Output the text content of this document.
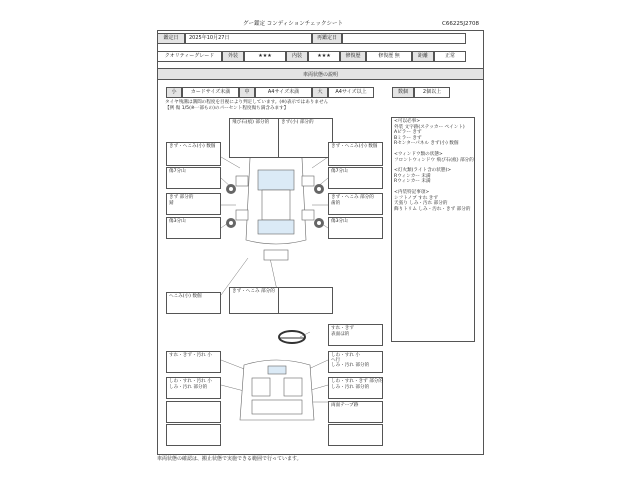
グー鑑定 コンディションチェックシート	C66225J2708
鑑定日	2025年10月27日	再鑑定日
クオリティーグレード	外装	★★★	内装	★★★	修復歴	修復歴 無	距離	正常
車両状態の説明
小	カードサイズ未満	中	A4サイズ未満	大	A4サイズ以上	数個	2個以上
タイヤ残溝は溝間の程度を目視により判定しています。(※)表示ではありません
【例 傷 1/5(※一部もの)のパーセント程度傷ち満含みます】
飛び石(痕) 部分的	きず(小) 部分的
きず・へこみ(小) 数個	きず・へこみ(小) 数個
傷7分山	傷7分山
きず 部分的
錆
きず・へこみ 部分的
歯的
傷3分山	傷3分山
へこみ(小) 数個
きず・へこみ 部分的
すれ・きず
表面ほ的
すれ・きず・汚れ 小	しわ・すれ 小
へ行
しみ・汚れ 部分的
しわ・すれ・汚れ 小
しみ・汚れ 部分的
しわ・すれ・きず 部分的
しみ・汚れ 部分的
両面テープ跡
<可以必事>
外装 文字跡(ステッカー ペイント)
Aピラー きず
Bミラー きず
Rセンターパネル きず(小) 数個
<ウィンドウ類の状態>
フロントウィンドウ 飛び石(痕) 部分的
<灯火類(ライト含の状態)>
Rウィンカー 未満
Rウィンカー 未満
<内装特記事項>
シフトノブ すれ きず
天張り しみ・汚れ 部分的
飾りトリム しみ・汚れ・きず 部分的
車両状態の確認は、搬止状態で実施できる範囲で行っています。
